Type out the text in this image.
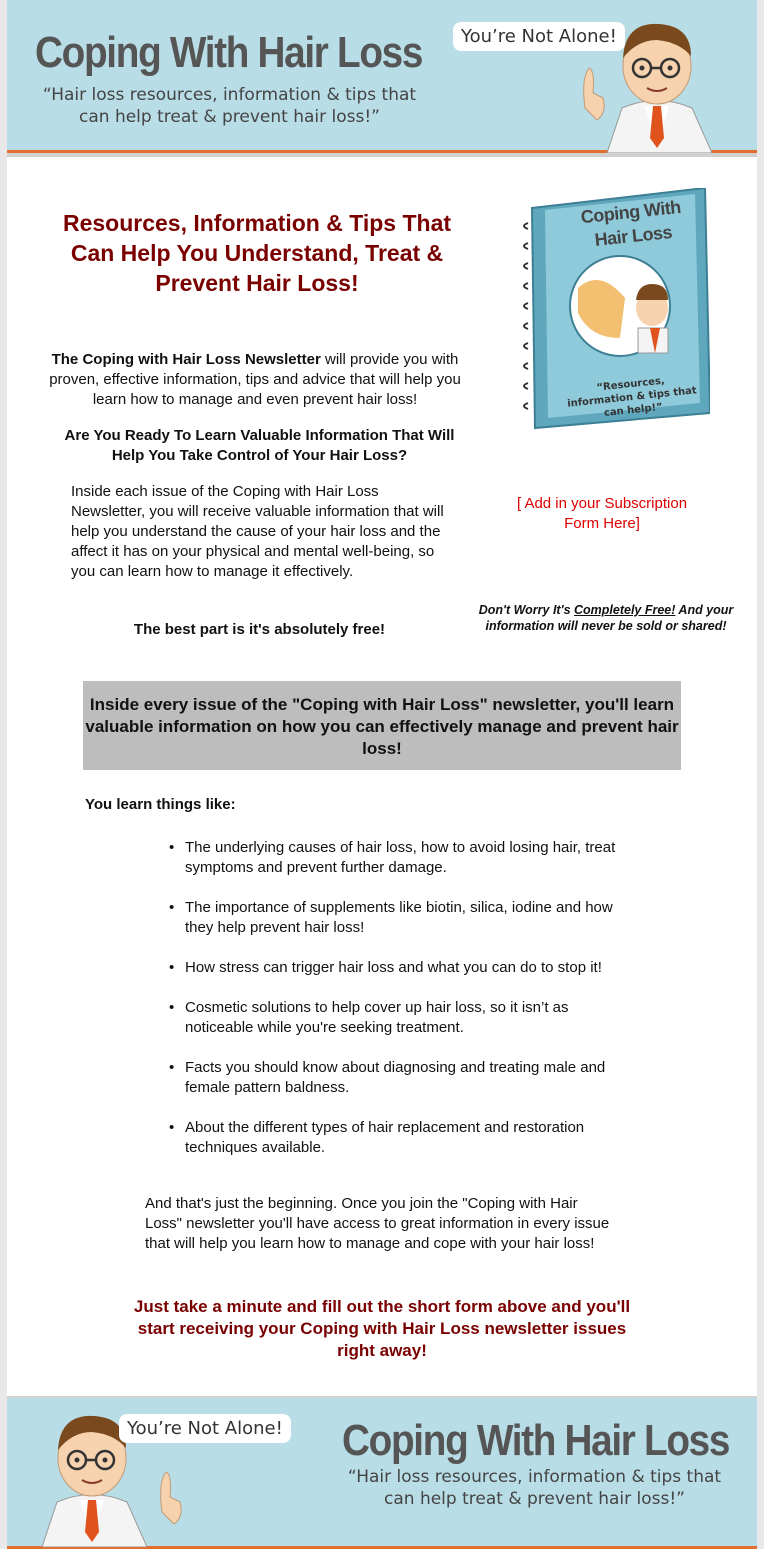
Coping With Hair Loss
“Hair loss resources, information & tips that can help treat & prevent hair loss!”
You’re Not Alone!
Resources, Information & Tips That Can Help You Understand, Treat & Prevent Hair Loss!
The Coping with Hair Loss Newsletter will provide you with proven, effective information, tips and advice that will help you learn how to manage and even prevent hair loss!
Are You Ready To Learn Valuable Information That Will Help You Take Control of Your Hair Loss?
Inside each issue of the Coping with Hair Loss Newsletter, you will receive valuable information that will help you understand the cause of your hair loss and the affect it has on your physical and mental well-being, so you can learn how to manage it effectively.
The best part is it's absolutely free!
Coping With Hair Loss
“Resources, information & tips that can help!”
[ Add in your Subscription Form Here]
Don't Worry It's Completely Free! And your information will never be sold or shared!
Inside every issue of the "Coping with Hair Loss" newsletter, you'll learn valuable information on how you can effectively manage and prevent hair loss!
You learn things like:
• The underlying causes of hair loss, how to avoid losing hair, treat symptoms and prevent further damage.
• The importance of supplements like biotin, silica, iodine and how they help prevent hair loss!
• How stress can trigger hair loss and what you can do to stop it!
• Cosmetic solutions to help cover up hair loss, so it isn’t as noticeable while you're seeking treatment.
• Facts you should know about diagnosing and treating male and female pattern baldness.
• About the different types of hair replacement and restoration techniques available.
And that's just the beginning. Once you join the "Coping with Hair Loss" newsletter you'll have access to great information in every issue that will help you learn how to manage and cope with your hair loss!
Just take a minute and fill out the short form above and you'll start receiving your Coping with Hair Loss newsletter issues right away!
You’re Not Alone! Coping With Hair Loss
“Hair loss resources, information & tips that can help treat & prevent hair loss!”
